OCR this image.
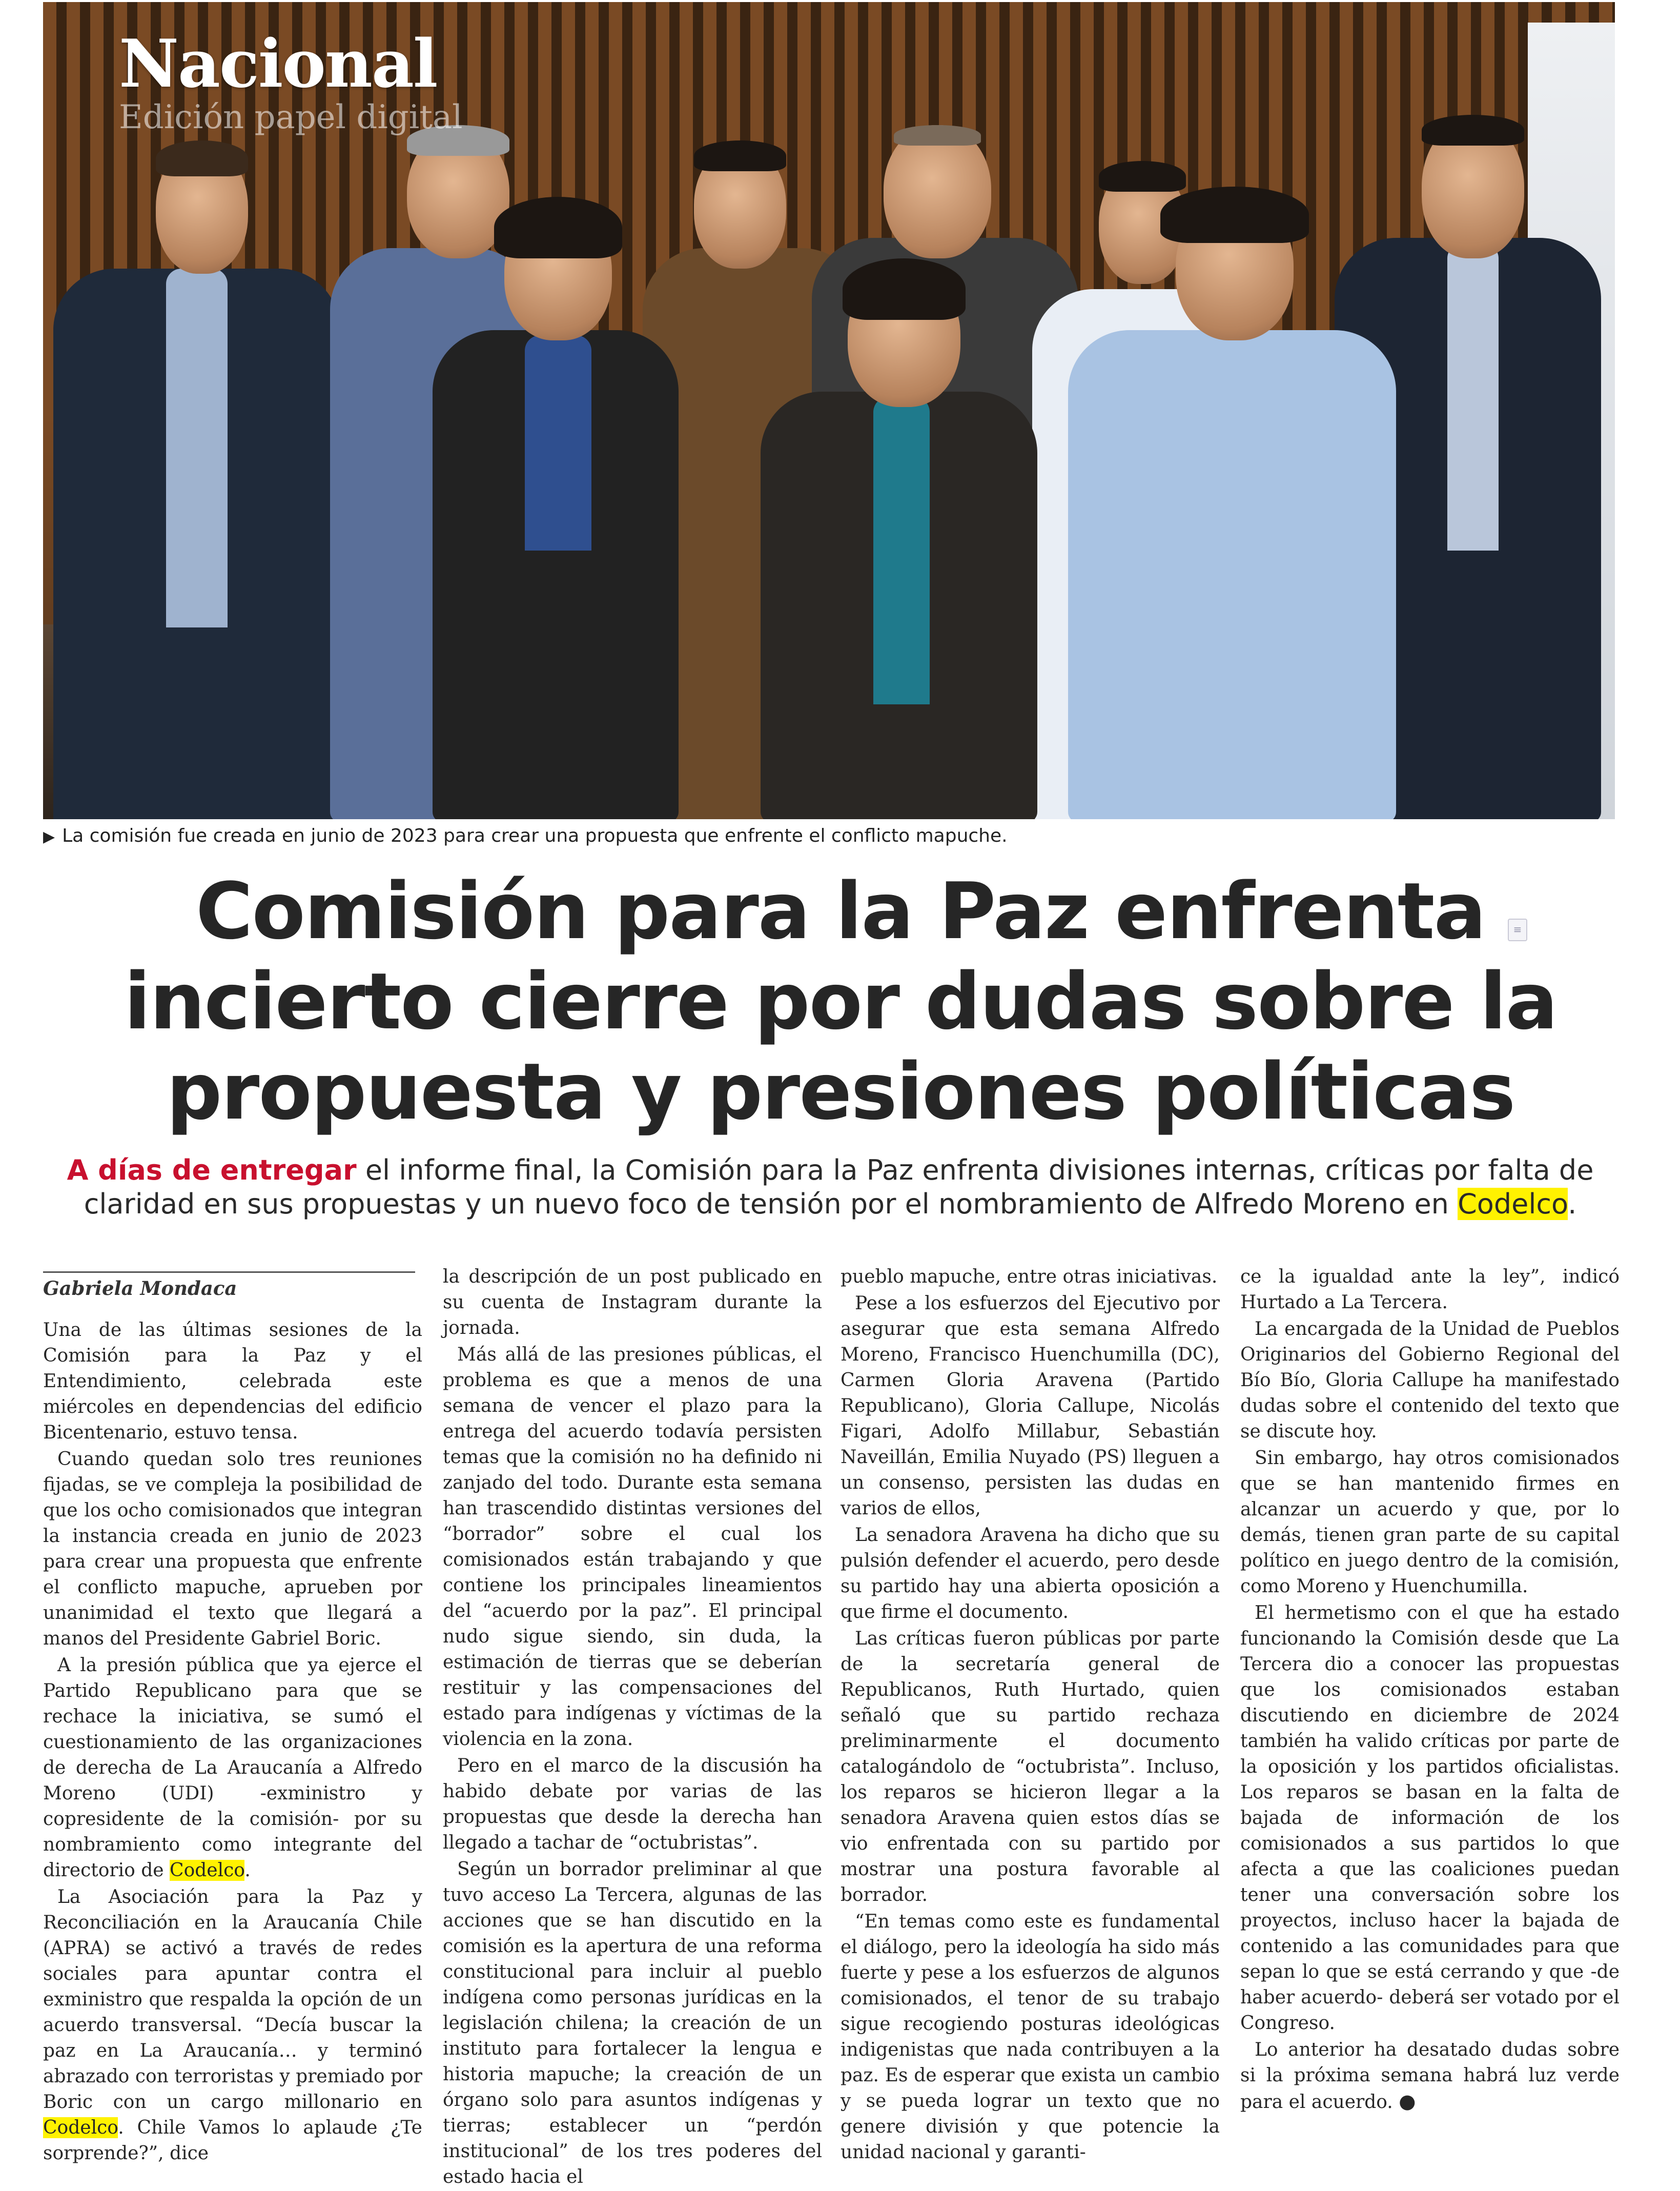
Nacional
Edición papel digital
▶ La comisión fue creada en junio de 2023 para crear una propuesta que enfrente el conflicto mapuche.
Comisión para la Paz enfrenta incierto cierre por dudas sobre la propuesta y presiones políticas
≡
A días de entregar el informe final, la Comisión para la Paz enfrenta divisiones internas, críticas por falta de claridad en sus propuestas y un nuevo foco de tensión por el nombramiento de Alfredo Moreno en Codelco.
Gabriela Mondaca

Una de las últimas sesiones de la Comisión para la Paz y el Entendimiento, celebrada este miércoles en dependencias del edificio Bicentenario, estuvo tensa.

Cuando quedan solo tres reuniones fijadas, se ve compleja la posibilidad de que los ocho comisionados que integran la instancia creada en junio de 2023 para crear una propuesta que enfrente el conflicto mapuche, aprueben por unanimidad el texto que llegará a manos del Presidente Gabriel Boric.

A la presión pública que ya ejerce el Partido Republicano para que se rechace la iniciativa, se sumó el cuestionamiento de las organizaciones de derecha de La Araucanía a Alfredo Moreno (UDI) -exministro y copresidente de la comisión- por su nombramiento como integrante del directorio de Codelco.

La Asociación para la Paz y Reconciliación en la Araucanía Chile (APRA) se activó a través de redes sociales para apuntar contra el exministro que respalda la opción de un acuerdo transversal. “Decía buscar la paz en La Araucanía… y terminó abrazado con terroristas y premiado por Boric con un cargo millonario en Codelco. Chile Vamos lo aplaude ¿Te sorprende?”, dice

la descripción de un post publicado en su cuenta de Instagram durante la jornada.

Más allá de las presiones públicas, el problema es que a menos de una semana de vencer el plazo para la entrega del acuerdo todavía persisten temas que la comisión no ha definido ni zanjado del todo. Durante esta semana han trascendido distintas versiones del “borrador” sobre el cual los comisionados están trabajando y que contiene los principales lineamientos del “acuerdo por la paz”. El principal nudo sigue siendo, sin duda, la estimación de tierras que se deberían restituir y las compensaciones del estado para indígenas y víctimas de la violencia en la zona.

Pero en el marco de la discusión ha habido debate por varias de las propuestas que desde la derecha han llegado a tachar de “octubristas”.

Según un borrador preliminar al que tuvo acceso La Tercera, algunas de las acciones que se han discutido en la comisión es la apertura de una reforma constitucional para incluir al pueblo indígena como personas jurídicas en la legislación chilena; la creación de un instituto para fortalecer la lengua e historia mapuche; la creación de un órgano solo para asuntos indígenas y tierras; establecer un “perdón institucional” de los tres poderes del estado hacia el

pueblo mapuche, entre otras iniciativas.

Pese a los esfuerzos del Ejecutivo por asegurar que esta semana Alfredo Moreno, Francisco Huenchumilla (DC), Carmen Gloria Aravena (Partido Republicano), Gloria Callupe, Nicolás Figari, Adolfo Millabur, Sebastián Naveillán, Emilia Nuyado (PS) lleguen a un consenso, persisten las dudas en varios de ellos,

La senadora Aravena ha dicho que su pulsión defender el acuerdo, pero desde su partido hay una abierta oposición a que firme el documento.

Las críticas fueron públicas por parte de la secretaría general de Republicanos, Ruth Hurtado, quien señaló que su partido rechaza preliminarmente el documento catalogándolo de “octubrista”. Incluso, los reparos se hicieron llegar a la senadora Aravena quien estos días se vio enfrentada con su partido por mostrar una postura favorable al borrador.

“En temas como este es fundamental el diálogo, pero la ideología ha sido más fuerte y pese a los esfuerzos de algunos comisionados, el tenor de su trabajo sigue recogiendo posturas ideológicas indigenistas que nada contribuyen a la paz. Es de esperar que exista un cambio y se pueda lograr un texto que no genere división y que potencie la unidad nacional y garanti-

ce la igualdad ante la ley”, indicó Hurtado a La Tercera.

La encargada de la Unidad de Pueblos Originarios del Gobierno Regional del Bío Bío, Gloria Callupe ha manifestado dudas sobre el contenido del texto que se discute hoy.

Sin embargo, hay otros comisionados que se han mantenido firmes en alcanzar un acuerdo y que, por lo demás, tienen gran parte de su capital político en juego dentro de la comisión, como Moreno y Huenchumilla.

El hermetismo con el que ha estado funcionando la Comisión desde que La Tercera dio a conocer las propuestas que los comisionados estaban discutiendo en diciembre de 2024 también ha valido críticas por parte de la oposición y los partidos oficialistas. Los reparos se basan en la falta de bajada de información de los comisionados a sus partidos lo que afecta a que las coaliciones puedan tener una conversación sobre los proyectos, incluso hacer la bajada de contenido a las comunidades para que sepan lo que se está cerrando y que -de haber acuerdo- deberá ser votado por el Congreso.

Lo anterior ha desatado dudas sobre si la próxima semana habrá luz verde para el acuerdo. ●
